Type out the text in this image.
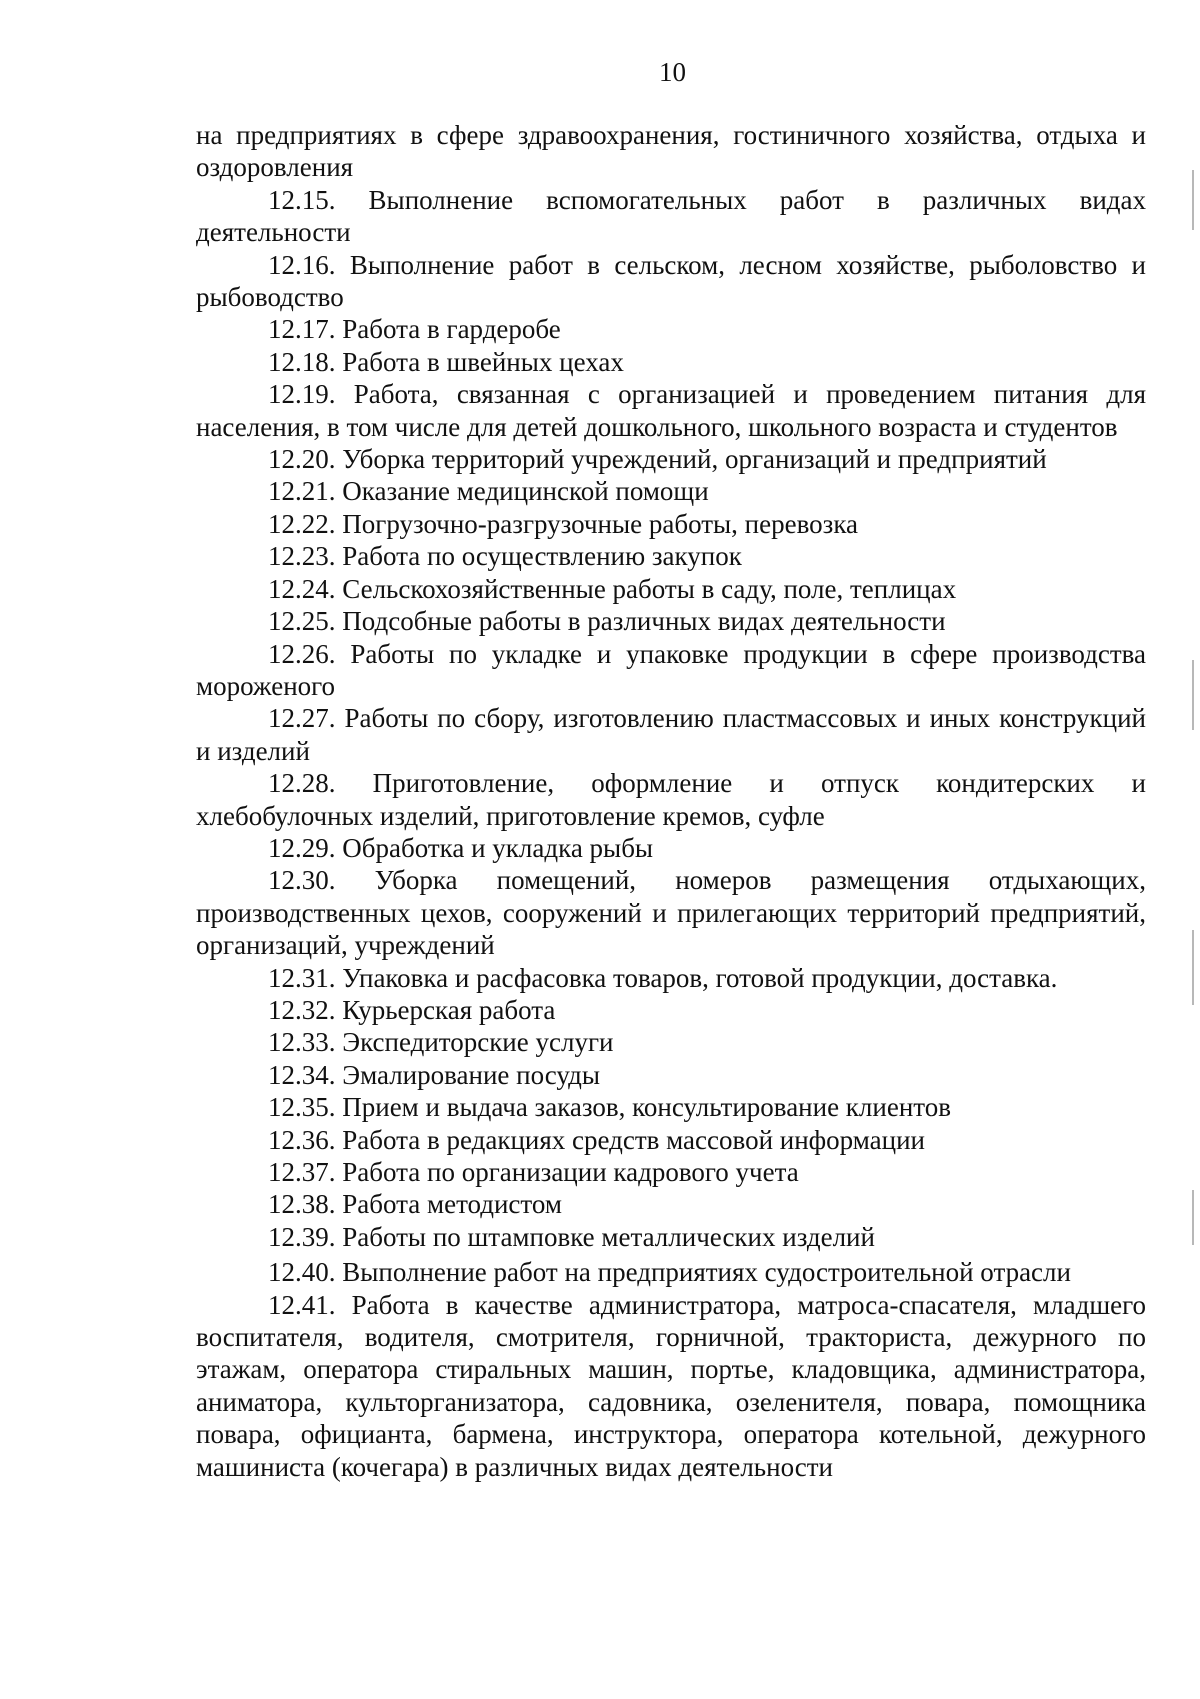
10

на предприятиях в сфере здравоохранения, гостиничного хозяйства, отдыха и оздоровления

12.15. Выполнение вспомогательных работ в различных видах деятельности

12.16. Выполнение работ в сельском, лесном хозяйстве, рыболовство и рыбоводство

12.17. Работа в гардеробе

12.18. Работа в швейных цехах

12.19. Работа, связанная с организацией и проведением питания для населения, в том числе для детей дошкольного, школьного возраста и студентов

12.20. Уборка территорий учреждений, организаций и предприятий

12.21. Оказание медицинской помощи

12.22. Погрузочно-разгрузочные работы, перевозка

12.23. Работа по осуществлению закупок

12.24. Сельскохозяйственные работы в саду, поле, теплицах

12.25. Подсобные работы в различных видах деятельности

12.26. Работы по укладке и упаковке продукции в сфере производства мороженого

12.27. Работы по сбору, изготовлению пластмассовых и иных конструкций и изделий

12.28. Приготовление, оформление и отпуск кондитерских и хлебобулочных изделий, приготовление кремов, суфле

12.29. Обработка и укладка рыбы

12.30. Уборка помещений, номеров размещения отдыхающих, производственных цехов, сооружений и прилегающих территорий предприятий, организаций, учреждений

12.31. Упаковка и расфасовка товаров, готовой продукции, доставка.

12.32. Курьерская работа

12.33. Экспедиторские услуги

12.34. Эмалирование посуды

12.35. Прием и выдача заказов, консультирование клиентов

12.36. Работа в редакциях средств массовой информации

12.37. Работа по организации кадрового учета

12.38. Работа методистом

12.39. Работы по штамповке металлических изделий

12.40. Выполнение работ на предприятиях судостроительной отрасли

12.41. Работа в качестве администратора, матроса-спасателя, младшего воспитателя, водителя, смотрителя, горничной, тракториста, дежурного по этажам, оператора стиральных машин, портье, кладовщика, администратора, аниматора, культорганизатора, садовника, озеленителя, повара, помощника повара, официанта, бармена, инструктора, оператора котельной, дежурного машиниста (кочегара) в различных видах деятельности
